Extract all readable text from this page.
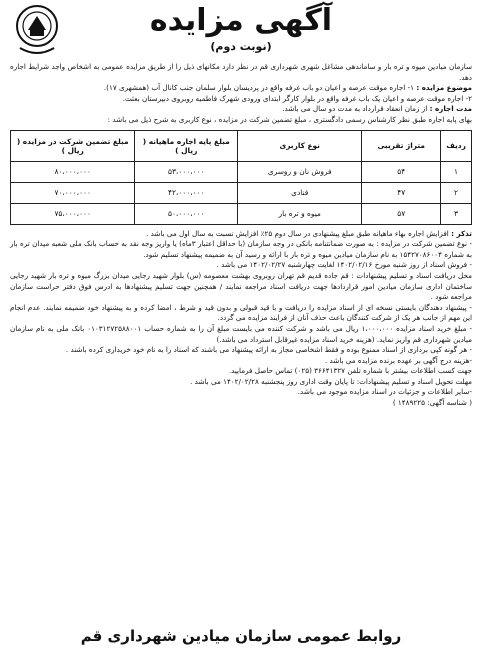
آگهی مزایده
(نوبت دوم)

سازمان میادین میوه و تره بار و ساماندهی مشاغل شهری شهرداری قم در نظر دارد مکانهای ذیل را از طریق مزایده عمومی به اشخاص واجد شرایط اجاره دهد.

موضوع مزایده : ۱- اجاره موقت عرصه و اعیان دو باب غرفه واقع در پردیسان بلوار سلمان جنب کانال آب (همشهری ۱۷).

۲- اجاره موقت عرصه و اعیان یک باب غرفه واقع در بلوار کارگر ابتدای ورودی شهرک فاطمیه روبروی دبیرستان بعثت.

مدت اجاره : از زمان انعقاد قرارداد به مدت دو سال می باشد.

بهای پایه اجاره طبق نظر کارشناس رسمی دادگستری ، مبلغ تضمین شرکت در مزایده ، نوع کاربری به شرح ذیل می باشد :

ردیف	متراژ تقریبی	نوع کاربری	مبلغ پایه اجاره ماهیانه ( ریال )	مبلغ تضمین شرکت در مزایده ( ریال )
۱	۵۴	فروش نان و روسری	۵۳،۰۰۰،۰۰۰	۸۰،۰۰۰،۰۰۰
۲	۴۷	قنادی	۴۲،۰۰۰،۰۰۰	۷۰،۰۰۰،۰۰۰
۳	۵۷	میوه و تره بار	۵۰،۰۰۰،۰۰۰	۷۵،۰۰۰،۰۰۰

تذکر : افزایش اجاره بهاء ماهیانه طبق مبلغ پیشنهادی در سال دوم ۲۵٪ افزایش نسبت به سال اول می باشد .

- نوع تضمین شرکت در مزایده : به صورت ضمانتنامه بانکی در وجه سازمان (با حداقل اعتبار ۳ماه) یا واریز وجه نقد به حساب بانک ملی شعبه میدان تره بار به شماره ۱۵۴۲۷۰۸۶۰۰۴ به نام سازمان میادین میوه و تره بار با ارائه و رسید آن به ضمیمه پیشنهاد تسلیم شود.

- فروش اسناد از روز شنبه مورخ ۱۴۰۲/۰۲/۱۶ لغایت چهارشنبه ۱۴۰۲/۰۲/۲۷ می باشد .

محل دریافت اسناد و تسلیم پیشنهادات : قم جاده قدیم قم تهران روبروی بهشت معصومه (س) بلوار شهید رجایی میدان بزرگ میوه و تره بار شهید رجایی ساختمان اداری سازمان میادین امور قراردادها جهت دریافت اسناد مراجعه نمایند / همچنین جهت تسلیم پیشنهادها به ادرس فوق دفتر حراست سازمان مراجعه شود .

- پیشنهاد دهندگان بایستی نسخه ای از اسناد مزایده را دریافت و با قید قبولی و بدون قید و شرط ، امضا کرده و به پیشنهاد خود ضمیمه نمایند. عدم انجام این مهم از جانب هر یک از شرکت کنندگان باعث حذف آنان از فرایند مزایده می گردد.

- مبلغ خرید اسناد مزایده ۱،۰۰۰،۰۰۰ ریال می باشد و شرکت کننده می بایست مبلغ آن را به شماره حساب ۰۱۰۳۱۲۷۲۵۸۸۰۰۱ بانک ملی به نام سازمان میادین شهرداری قم واریز نماید. (هزینه خرید اسناد مزایده غیرقابل استرداد می باشد.)

- هر گونه کپی برداری از اسناد ممنوع بوده و فقط اشخاصی مجاز به ارائه پیشنهاد می باشند که اسناد را به نام خود خریداری کرده باشند .

-هزینه درج آگهی بر عهده برنده مزایده می باشد .

جهت کسب اطلاعات بیشتر با شماره تلفن ۳۶۶۴۱۳۲۷ (۰۲۵) تماس حاصل فرمایید.

مهلت تحویل اسناد و تسلیم پیشنهادات: تا پایان وقت اداری روز پنجشنبه ۱۴۰۲/۰۲/۲۸ می باشد .

-سایر اطلاعات و جزئیات در اسناد مزایده موجود می باشد.

( شناسه آگهی: ۱۴۸۹۲۲۵ )

روابط عمومی سازمان میادین شهرداری قم
